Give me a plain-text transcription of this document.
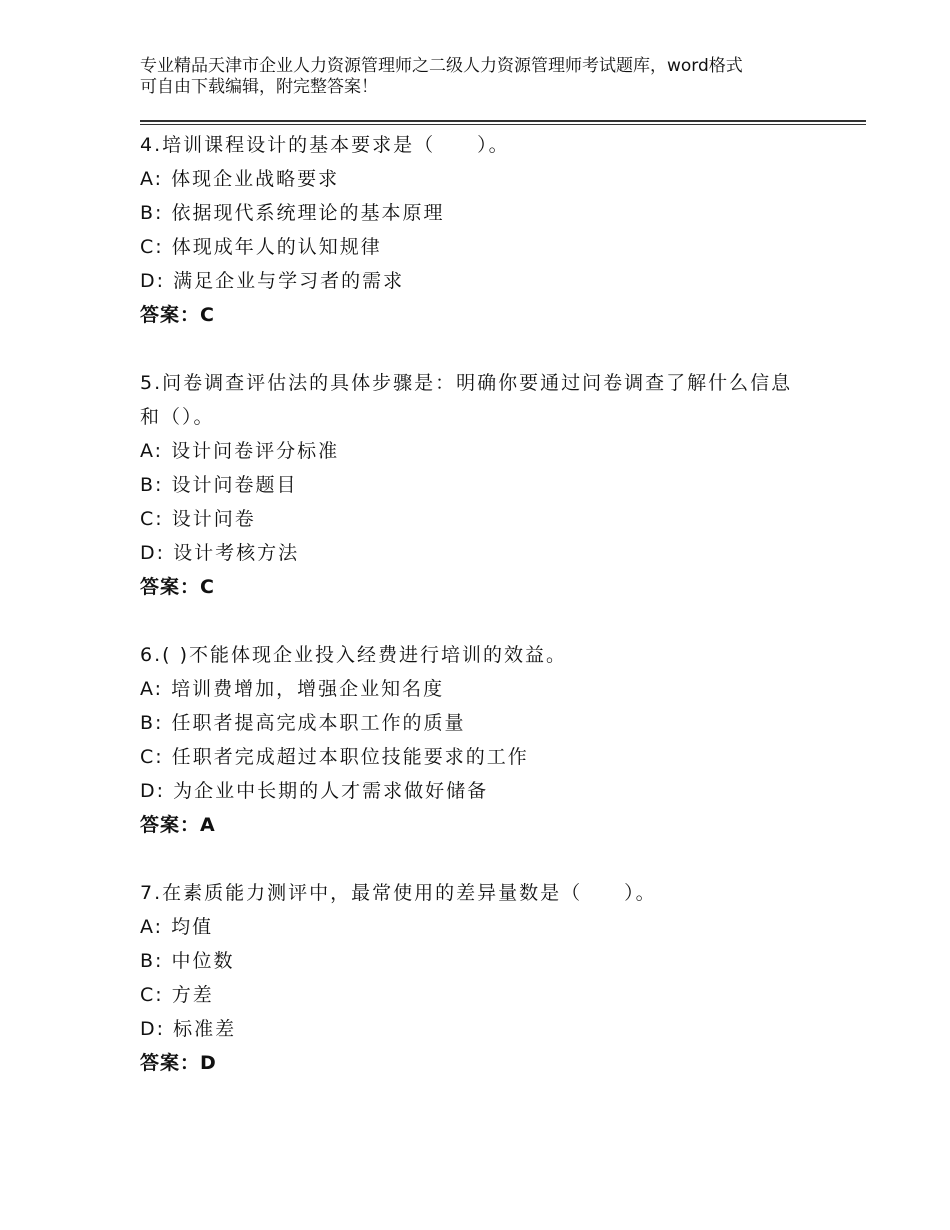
专业精品天津市企业人力资源管理师之二级人力资源管理师考试题库，word格式
可自由下载编辑，附完整答案！
4.培训课程设计的基本要求是（　　）。
A: 体现企业战略要求
B: 依据现代系统理论的基本原理
C: 体现成年人的认知规律
D: 满足企业与学习者的需求
答案：C
5.问卷调查评估法的具体步骤是：明确你要通过问卷调查了解什么信息和（）。
A: 设计问卷评分标准
B: 设计问卷题目
C: 设计问卷
D: 设计考核方法
答案：C
6.( )不能体现企业投入经费进行培训的效益。
A: 培训费增加，增强企业知名度
B: 任职者提高完成本职工作的质量
C: 任职者完成超过本职位技能要求的工作
D: 为企业中长期的人才需求做好储备
答案：A
7.在素质能力测评中，最常使用的差异量数是（　　）。
A: 均值
B: 中位数
C: 方差
D: 标准差
答案：D
